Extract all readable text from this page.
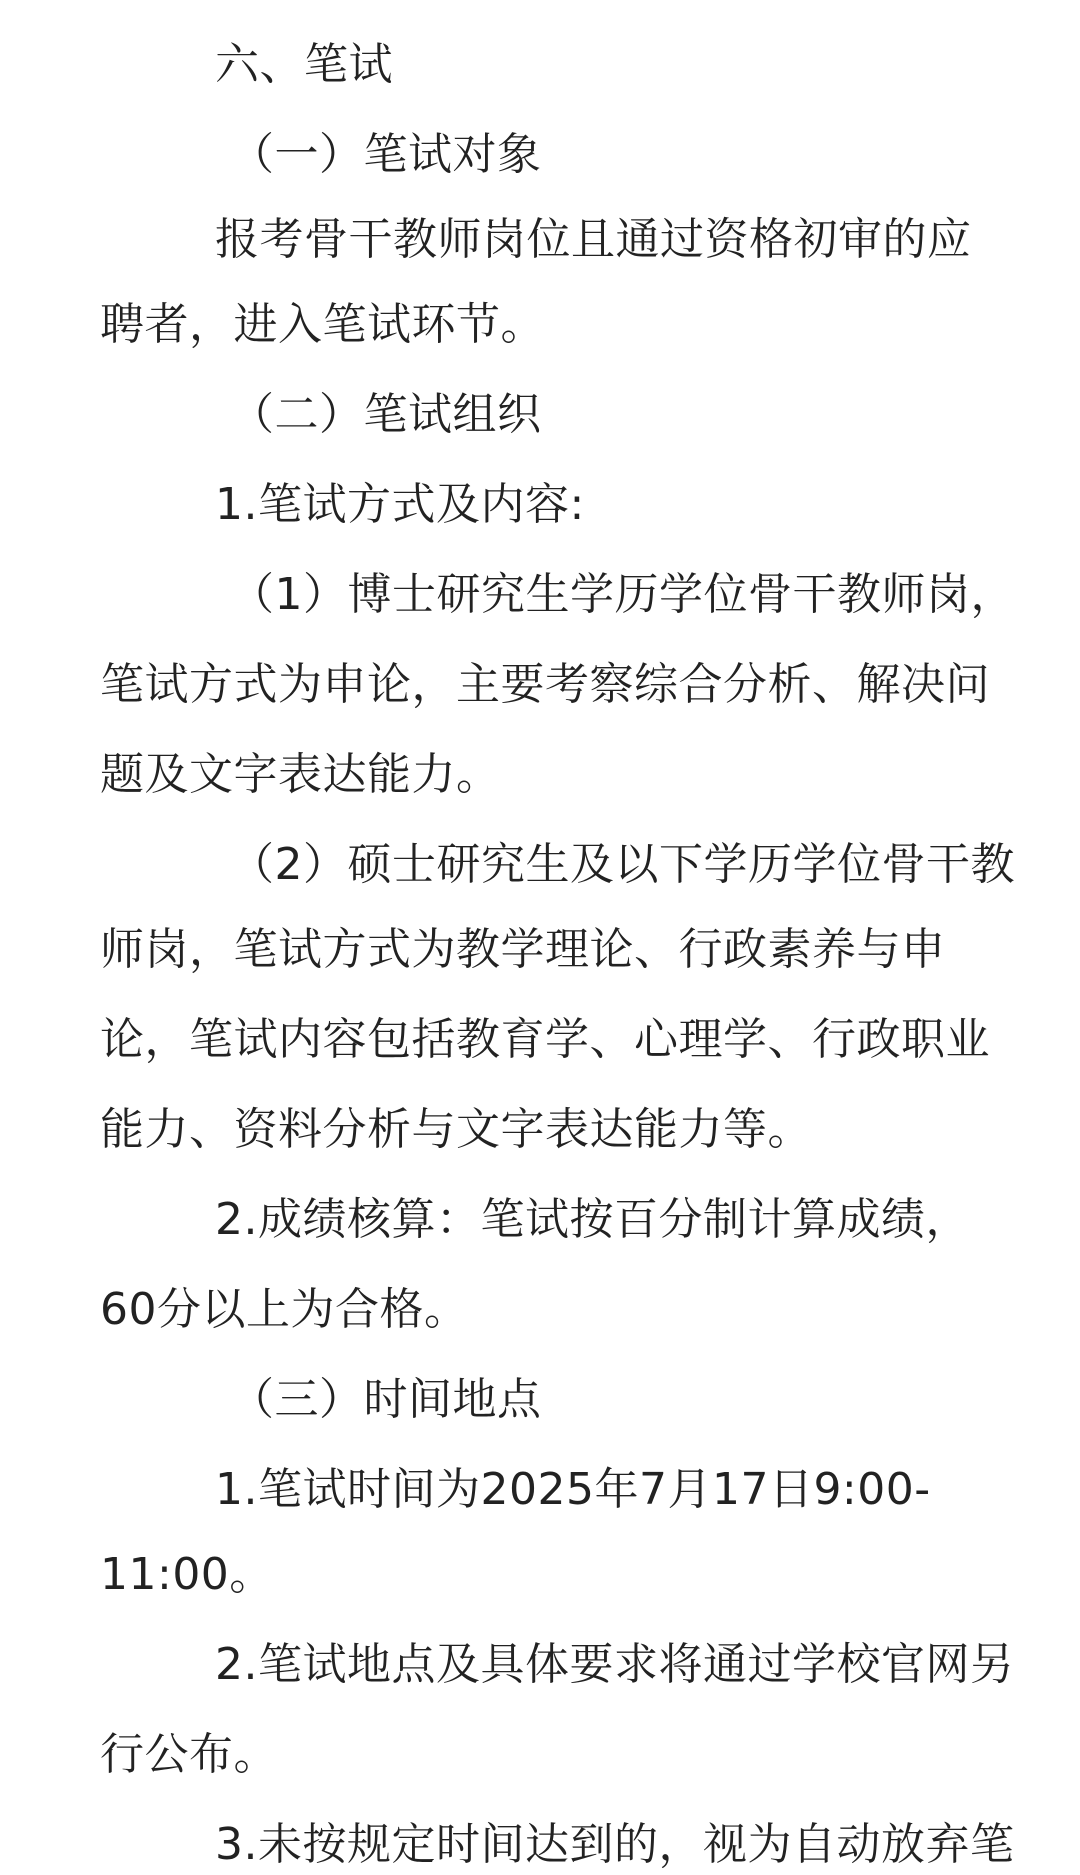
六、笔试
（一）笔试对象
报考骨干教师岗位且通过资格初审的应
聘者，进入笔试环节。
（二）笔试组织
1.笔试方式及内容:
（1）博士研究生学历学位骨干教师岗，
笔试方式为申论，主要考察综合分析、解决问
题及文字表达能力。
（2）硕士研究生及以下学历学位骨干教
师岗，笔试方式为教学理论、行政素养与申
论，笔试内容包括教育学、心理学、行政职业
能力、资料分析与文字表达能力等。
2.成绩核算：笔试按百分制计算成绩，
60分以上为合格。
（三）时间地点
1.笔试时间为2025年7月17日9:00-
11:00。
2.笔试地点及具体要求将通过学校官网另
行公布。
3.未按规定时间达到的，视为自动放弃笔
